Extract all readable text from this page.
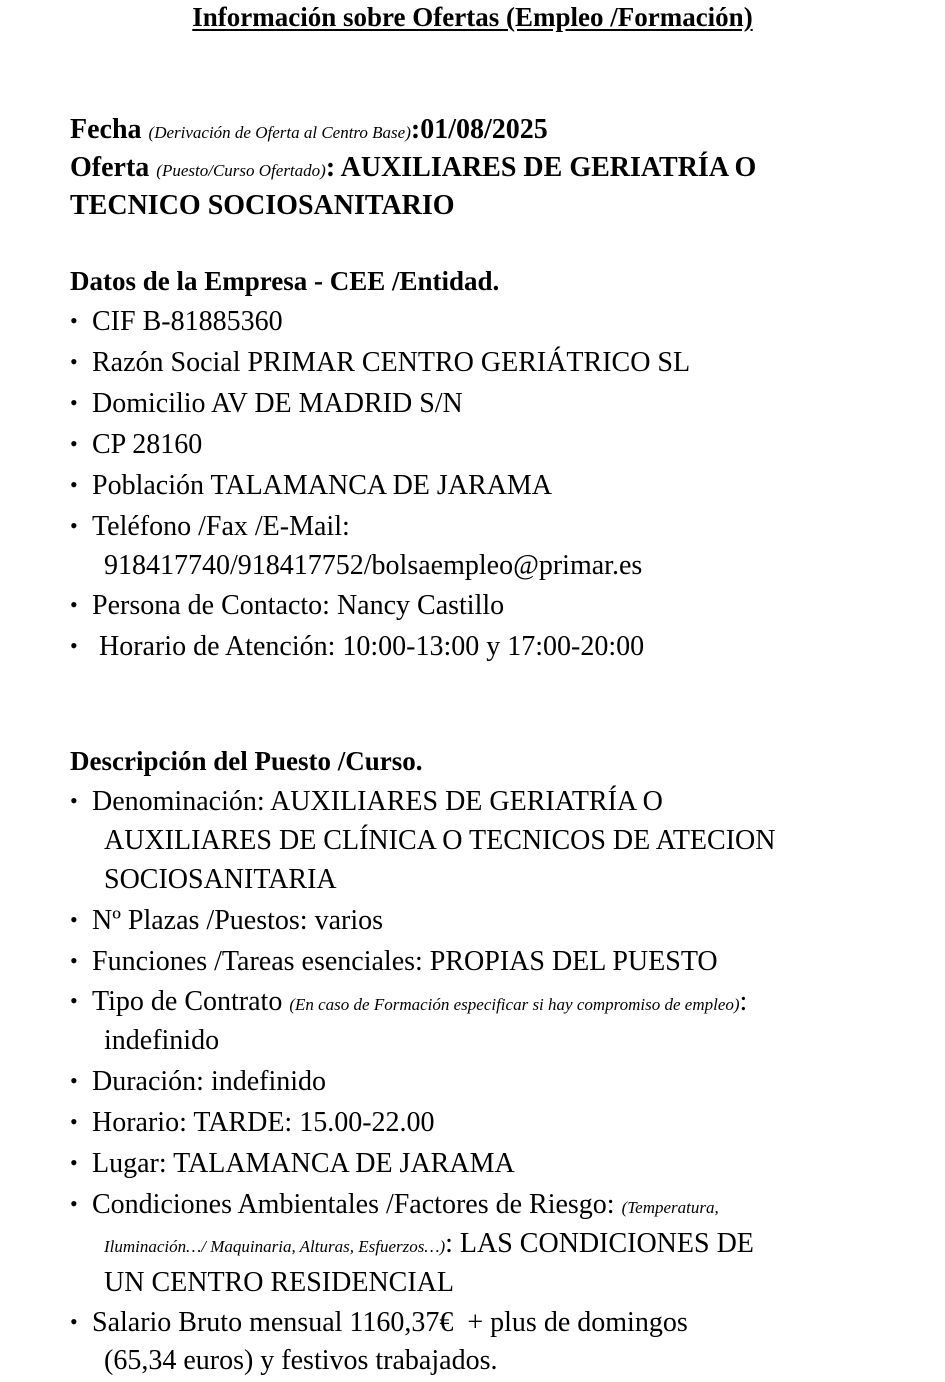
Información sobre Ofertas (Empleo /Formación)
Fecha (Derivación de Oferta al Centro Base):01/08/2025
Oferta (Puesto/Curso Ofertado): AUXILIARES DE GERIATRÍA O
TECNICO SOCIOSANITARIO
Datos de la Empresa - CEE /Entidad.
• CIF B-81885360
• Razón Social PRIMAR CENTRO GERIÁTRICO SL
• Domicilio AV DE MADRID S/N
• CP 28160
• Población TALAMANCA DE JARAMA
• Teléfono /Fax /E-Mail:
918417740/918417752/bolsaempleo@primar.es
• Persona de Contacto: Nancy Castillo
• Horario de Atención: 10:00-13:00 y 17:00-20:00
Descripción del Puesto /Curso.
• Denominación: AUXILIARES DE GERIATRÍA O
AUXILIARES DE CLÍNICA O TECNICOS DE ATECION
SOCIOSANITARIA
• Nº Plazas /Puestos: varios
• Funciones /Tareas esenciales: PROPIAS DEL PUESTO
• Tipo de Contrato (En caso de Formación especificar si hay compromiso de empleo):
indefinido
• Duración: indefinido
• Horario: TARDE: 15.00-22.00
• Lugar: TALAMANCA DE JARAMA
• Condiciones Ambientales /Factores de Riesgo: (Temperatura,
Iluminación…/ Maquinaria, Alturas, Esfuerzos…): LAS CONDICIONES DE
UN CENTRO RESIDENCIAL
• Salario Bruto mensual 1160,37€  + plus de domingos
(65,34 euros) y festivos trabajados.
